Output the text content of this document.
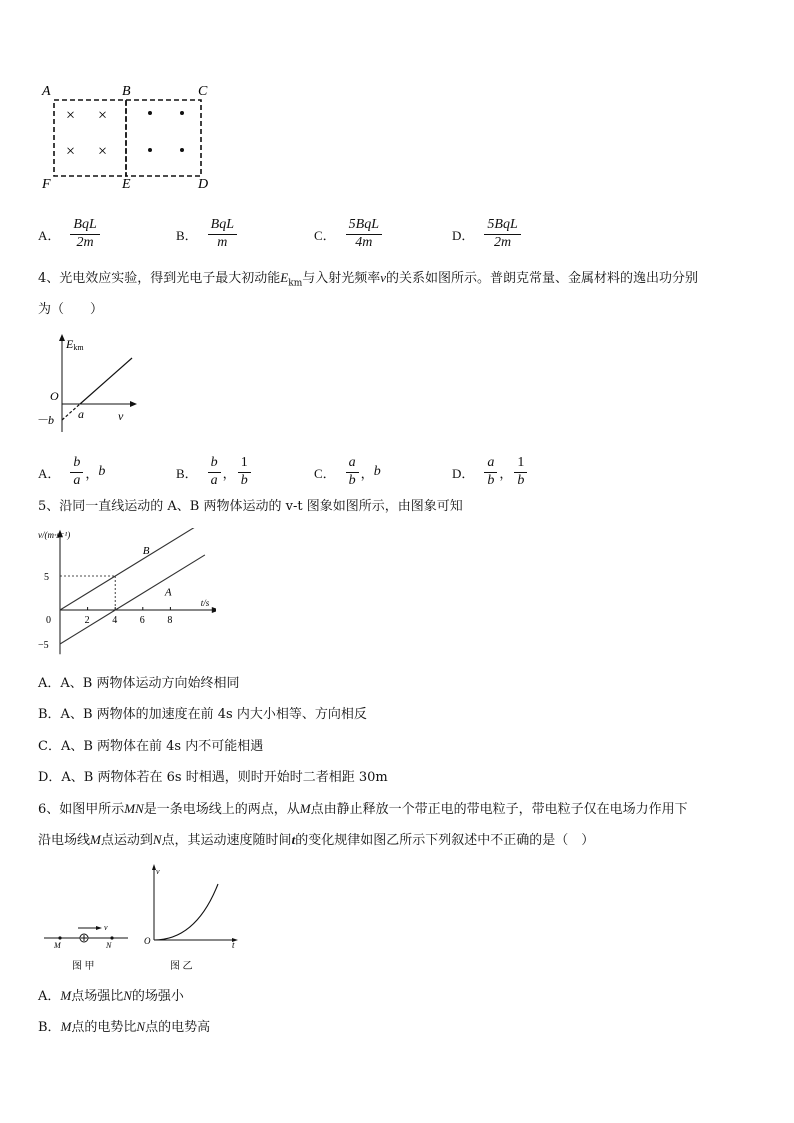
A	B	C
F	E	D
× ×
× ×
A． $\frac{\text{BqL}}{2m}$	B． $\frac{\text{BqL}}{m}$	C． $\frac{\text{5BqL}}{4m}$	D． $\frac{\text{5BqL}}{2m}$
4、光电效应实验，得到光电子最大初动能$E_{km}$与入射光频率ν的关系如图所示。普朗克常量、金属材料的逸出功分别
为（　　）
Ekm
O
a	ν
－b
A． $\frac{b}{a}$ ， b	B． $\frac{b}{a}$ ， $\frac{1}{b}$	C． $\frac{a}{b}$ ， b	D． $\frac{a}{b}$ ， $\frac{1}{b}$
5、沿同一直线运动的 A、B 两物体运动的 v-t 图象如图所示，由图象可知
2 4 6 8
5
−5
0
B
A
v/(m·s⁻¹)
t/s
A．A、B 两物体运动方向始终相同
B．A、B 两物体的加速度在前 4s 内大小相等、方向相反
C．A、B 两物体在前 4s 内不可能相遇
D．A、B 两物体若在 6s 时相遇，则时开始时二者相距 30m
6、如图甲所示MN是一条电场线上的两点，从M点由静止释放一个带正电的带电粒子，带电粒子仅在电场力作用下
沿电场线M点运动到N点，其运动速度随时间t的变化规律如图乙所示下列叙述中不正确的是（　）
v
M	N
图 甲
v
O	t
图 乙
A．M点场强比N的场强小
B．M点的电势比N点的电势高
